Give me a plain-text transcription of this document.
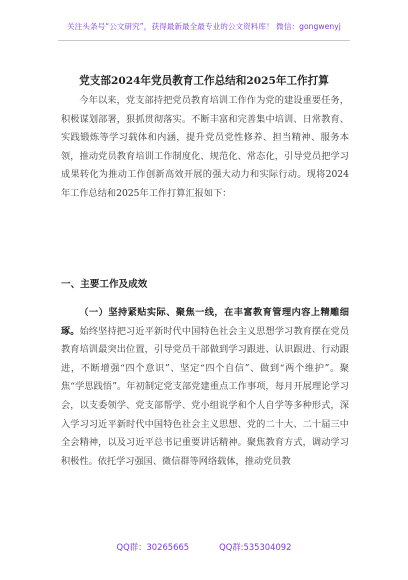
关注头条号“公文研究”，获得最新最全最专业的公文资料库！ 微信：gongwenyj
党支部2024年党员教育工作总结和2025年工作打算

今年以来，党支部持把党员教育培训工作作为党的建设重要任务，积极谋划部署，狠抓贯彻落实。不断丰富和完善集中培训、日常教育、实践锻炼等学习载体和内涵，提升党员党性修养、担当精神、服务本领，推动党员教育培训工作制度化、规范化、常态化，引导党员把学习成果转化为推动工作创新高效开展的强大动力和实际行动。现将2024年工作总结和2025年工作打算汇报如下：

一、主要工作及成效

（一）坚持紧贴实际、聚焦一线，在丰富教育管理内容上精雕细琢。始终坚持把习近平新时代中国特色社会主义思想学习教育摆在党员教育培训最突出位置，引导党员干部做到学习跟进、认识跟进、行动跟进，不断增强“四个意识”、坚定“四个自信”、做到“两个维护”。聚焦“学思践悟”。年初制定党支部党建重点工作事项，每月开展理论学习会，以支委领学、党支部帮学、党小组说学和个人自学等多种形式，深入学习习近平新时代中国特色社会主义思想、党的二十大、二十届三中全会精神，以及习近平总书记重要讲话精神。聚焦教育方式，调动学习积极性。依托学习强国、微信群等网络载体，推动党员教

QQ群：30265665	QQ群:535304092
